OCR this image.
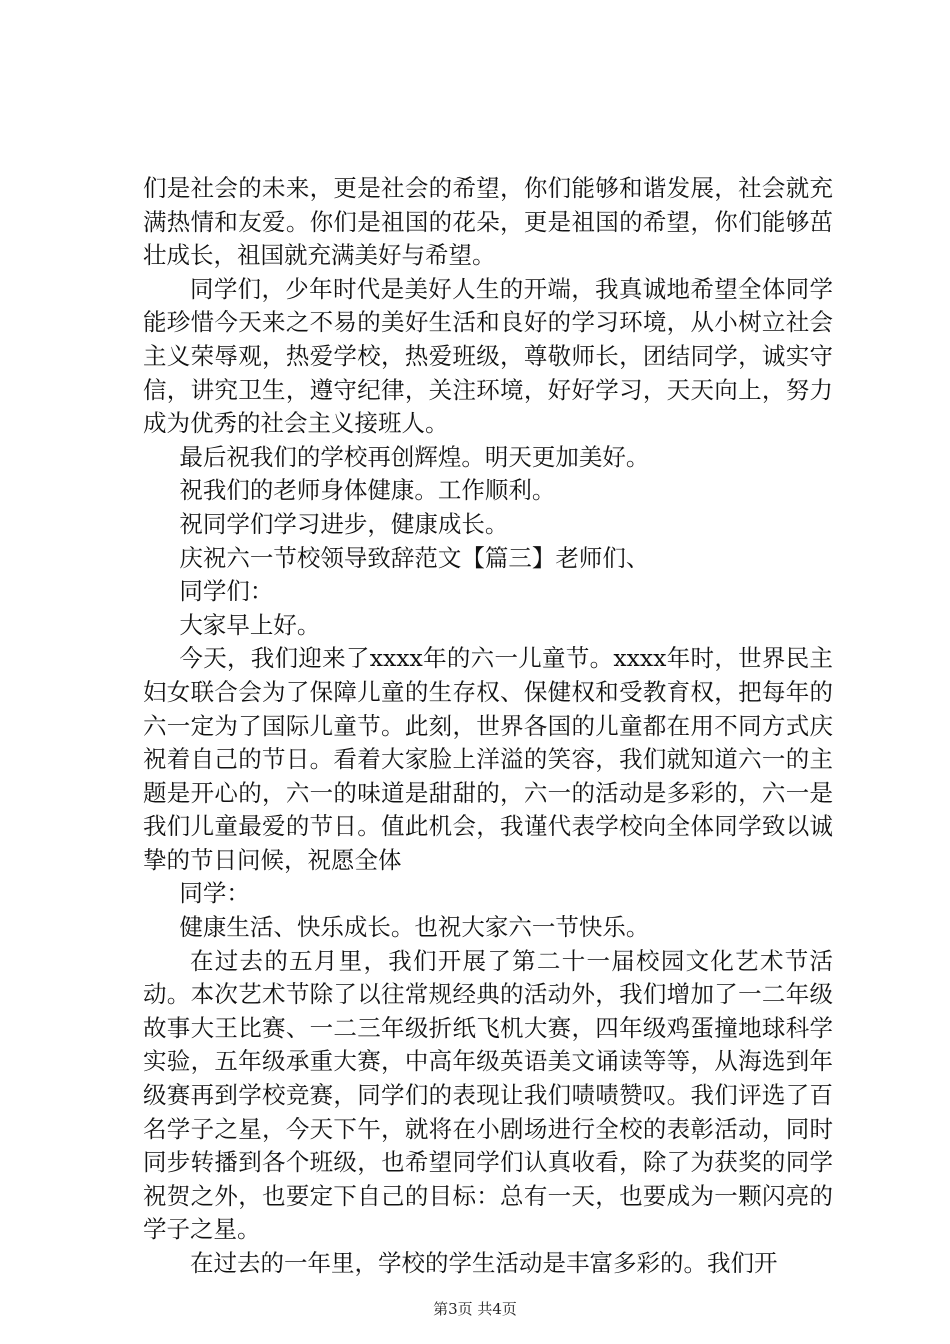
们是社会的未来，更是社会的希望，你们能够和谐发展，社会就充满热情和友爱。你们是祖国的花朵，更是祖国的希望，你们能够茁壮成长，祖国就充满美好与希望。

同学们，少年时代是美好人生的开端，我真诚地希望全体同学能珍惜今天来之不易的美好生活和良好的学习环境，从小树立社会主义荣辱观，热爱学校，热爱班级，尊敬师长，团结同学，诚实守信，讲究卫生，遵守纪律，关注环境，好好学习，天天向上，努力成为优秀的社会主义接班人。

最后祝我们的学校再创辉煌。明天更加美好。

祝我们的老师身体健康。工作顺利。

祝同学们学习进步，健康成长。

庆祝六一节校领导致辞范文【篇三】老师们、

同学们：

大家早上好。

今天，我们迎来了xxxx年的六一儿童节。xxxx年时，世界民主妇女联合会为了保障儿童的生存权、保健权和受教育权，把每年的六一定为了国际儿童节。此刻，世界各国的儿童都在用不同方式庆祝着自己的节日。看着大家脸上洋溢的笑容，我们就知道六一的主题是开心的，六一的味道是甜甜的，六一的活动是多彩的，六一是我们儿童最爱的节日。值此机会，我谨代表学校向全体同学致以诚挚的节日问候，祝愿全体

同学：

健康生活、快乐成长。也祝大家六一节快乐。

在过去的五月里，我们开展了第二十一届校园文化艺术节活动。本次艺术节除了以往常规经典的活动外，我们增加了一二年级故事大王比赛、一二三年级折纸飞机大赛，四年级鸡蛋撞地球科学实验，五年级承重大赛，中高年级英语美文诵读等等，从海选到年级赛再到学校竞赛，同学们的表现让我们啧啧赞叹。我们评选了百名学子之星，今天下午，就将在小剧场进行全校的表彰活动，同时同步转播到各个班级，也希望同学们认真收看，除了为获奖的同学祝贺之外，也要定下自己的目标：总有一天，也要成为一颗闪亮的学子之星。

在过去的一年里，学校的学生活动是丰富多彩的。我们开

第3页 共4页
